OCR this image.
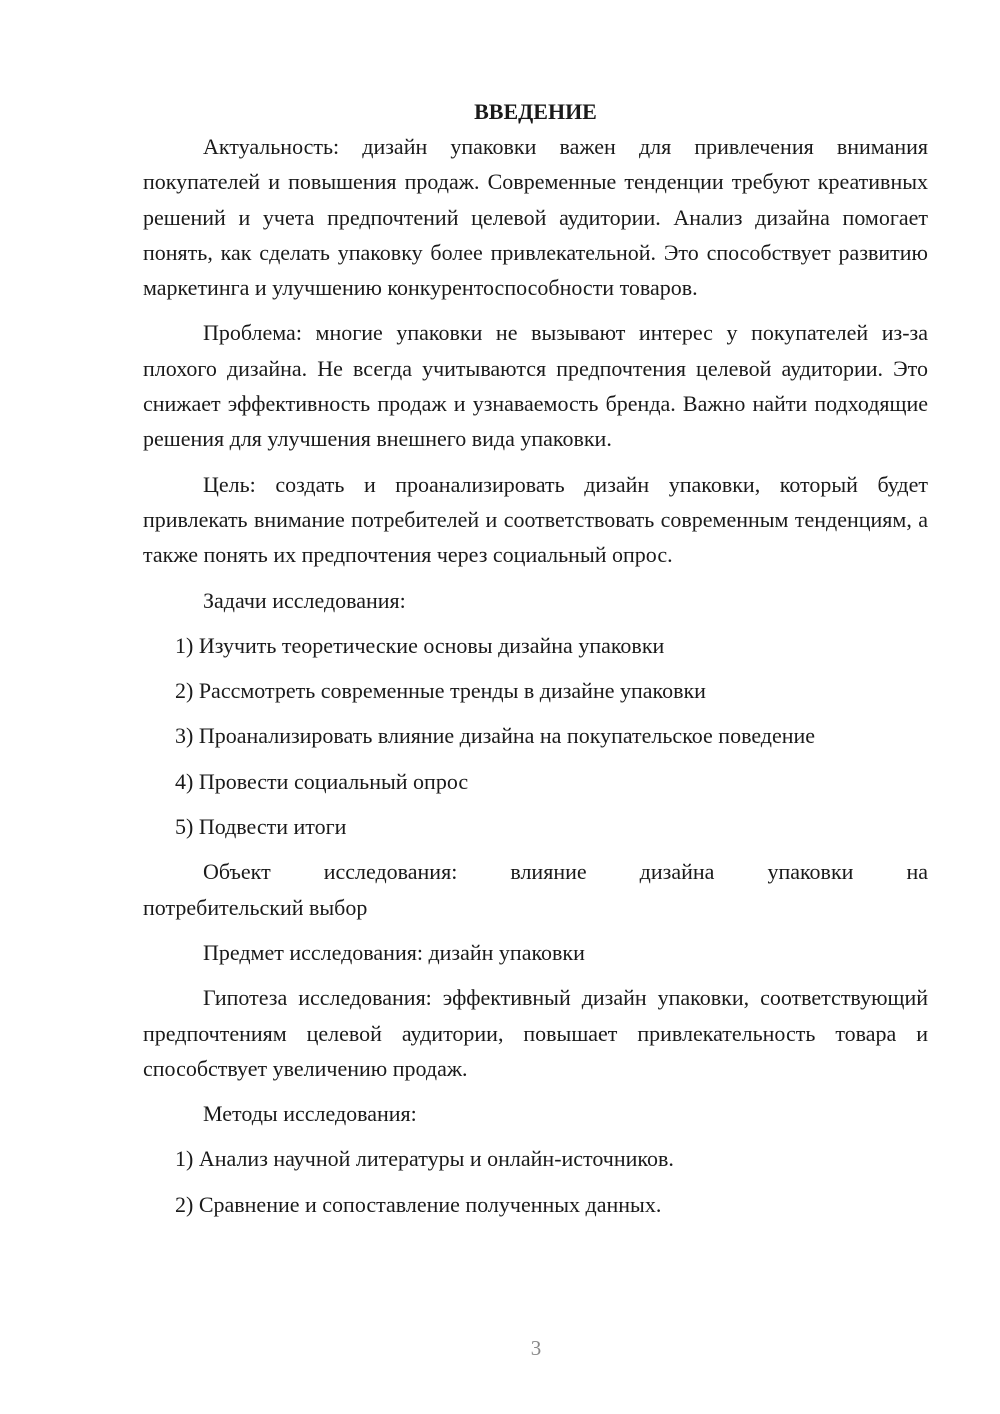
ВВЕДЕНИЕ

Актуальность: дизайн упаковки важен для привлечения внимания покупателей и повышения продаж. Современные тенденции требуют креативных решений и учета предпочтений целевой аудитории. Анализ дизайна помогает понять, как сделать упаковку более привлекательной. Это способствует развитию маркетинга и улучшению конкурентоспособности товаров.

Проблема: многие упаковки не вызывают интерес у покупателей из-за плохого дизайна. Не всегда учитываются предпочтения целевой аудитории. Это снижает эффективность продаж и узнаваемость бренда. Важно найти подходящие решения для улучшения внешнего вида упаковки.

Цель: создать и проанализировать дизайн упаковки, который будет привлекать внимание потребителей и соответствовать современным тенденциям, а также понять их предпочтения через социальный опрос.

Задачи исследования:

1) Изучить теоретические основы дизайна упаковки

2) Рассмотреть современные тренды в дизайне упаковки

3) Проанализировать влияние дизайна на покупательское поведение

4) Провести социальный опрос

5) Подвести итоги

Объект исследования: влияние дизайна упаковки на

потребительский выбор

Предмет исследования: дизайн упаковки

Гипотеза исследования: эффективный дизайн упаковки, соответствующий предпочтениям целевой аудитории, повышает привлекательность товара и способствует увеличению продаж.

Методы исследования:

1) Анализ научной литературы и онлайн-источников.

2) Сравнение и сопоставление полученных данных.

3
